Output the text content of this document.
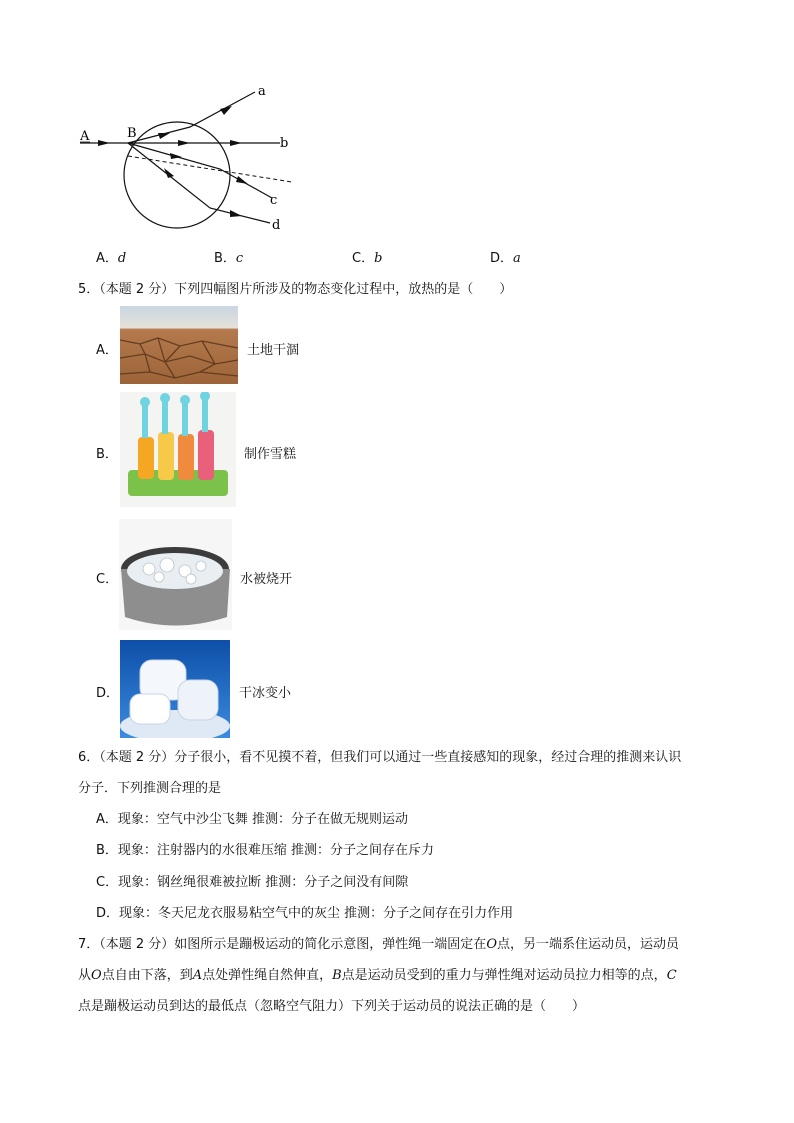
A	B
a
b
c
d
A．d	B．c	C．b	D．a
5．（本题 2 分）下列四幅图片所涉及的物态变化过程中，放热的是（　　）
A．	土地干涸
B．	制作雪糕
C．	水被烧开
D．	干冰变小
6．（本题 2 分）分子很小，看不见摸不着，但我们可以通过一些直接感知的现象，经过合理的推测来认识
分子．下列推测合理的是
A．现象：空气中沙尘飞舞 推测：分子在做无规则运动
B．现象：注射器内的水很难压缩 推测：分子之间存在斥力
C．现象：钢丝绳很难被拉断 推测：分子之间没有间隙
D．现象：冬天尼龙衣服易粘空气中的灰尘 推测：分子之间存在引力作用
7．（本题 2 分）如图所示是蹦极运动的简化示意图，弹性绳一端固定在O点，另一端系住运动员，运动员
从O点自由下落，到A点处弹性绳自然伸直，B点是运动员受到的重力与弹性绳对运动员拉力相等的点，C
点是蹦极运动员到达的最低点（忽略空气阻力）下列关于运动员的说法正确的是（　　）
